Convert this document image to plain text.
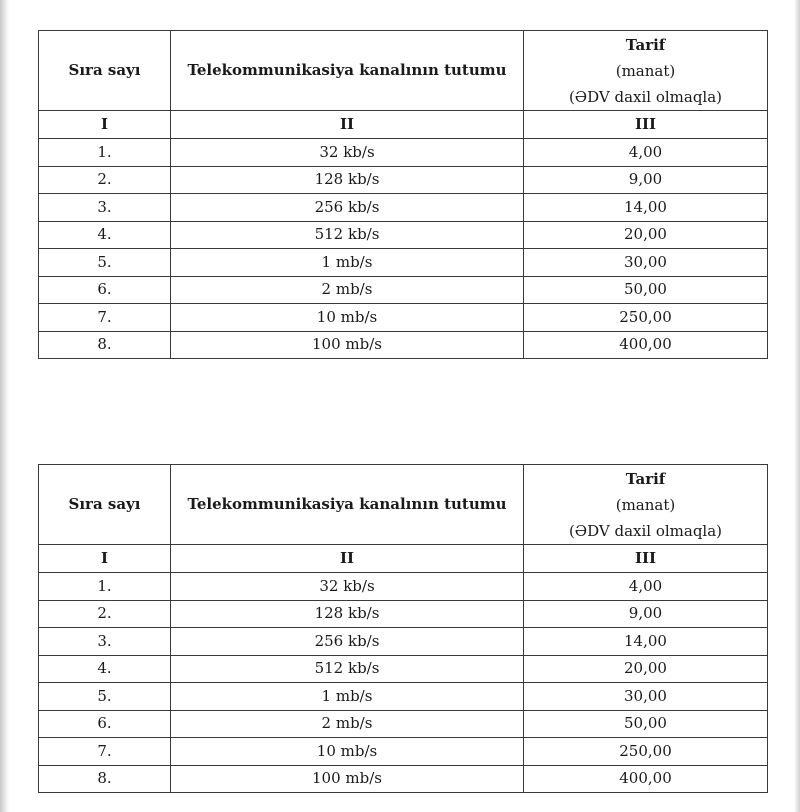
Sıra sayı	Telekommunikasiya kanalının tutumu	Tarif
(manat)
(ƏDV daxil olmaqla)

I	II	III
1.	32 kb/s	4,00
2.	128 kb/s	9,00
3.	256 kb/s	14,00
4.	512 kb/s	20,00
5.	1 mb/s	30,00
6.	2 mb/s	50,00
7.	10 mb/s	250,00
8.	100 mb/s	400,00
Sıra sayı	Telekommunikasiya kanalının tutumu	Tarif
(manat)
(ƏDV daxil olmaqla)

I	II	III
1.	32 kb/s	4,00
2.	128 kb/s	9,00
3.	256 kb/s	14,00
4.	512 kb/s	20,00
5.	1 mb/s	30,00
6.	2 mb/s	50,00
7.	10 mb/s	250,00
8.	100 mb/s	400,00
